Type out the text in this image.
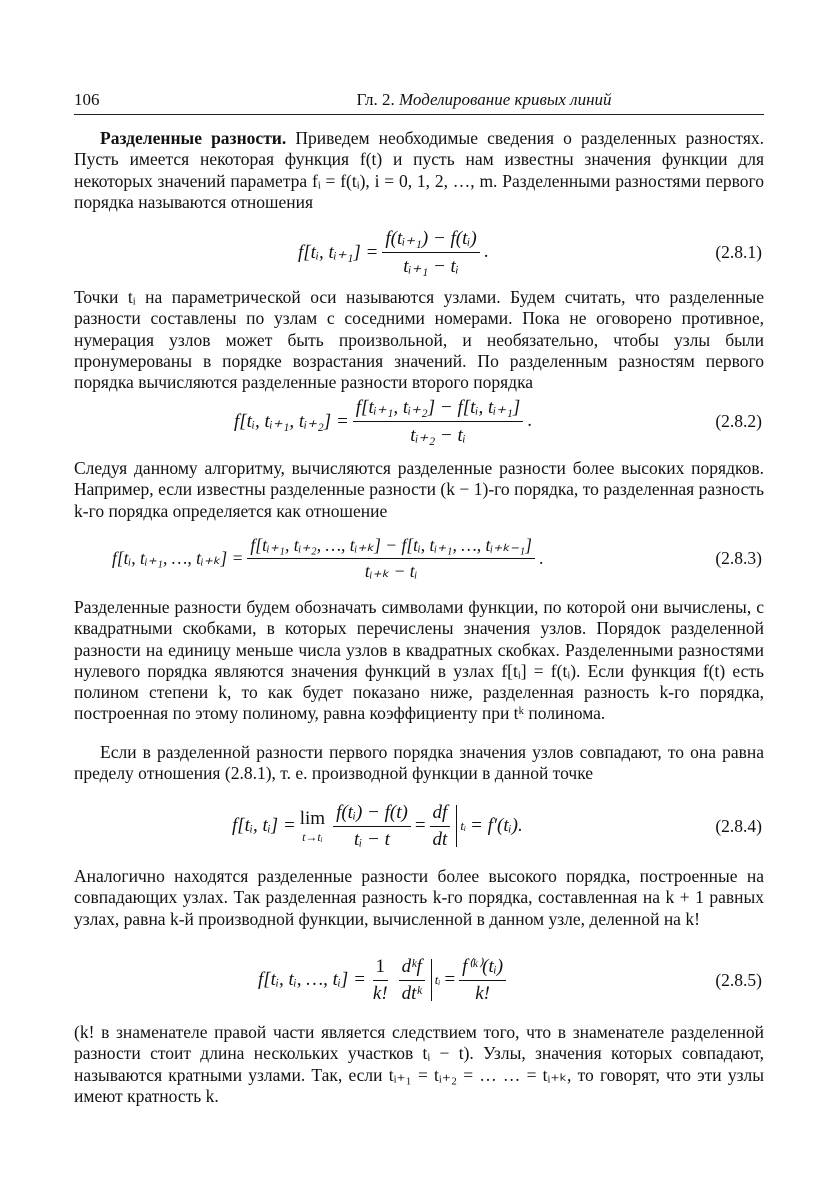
106	Гл. 2. Моделирование кривых линий
Разделенные разности. Приведем необходимые сведения о разделенных разностях. Пусть имеется некоторая функция f(t) и пусть нам известны значения функции для некоторых значений параметра fᵢ = f(tᵢ), i = 0, 1, 2, …, m. Разделенными разностями первого порядка называются отношения
f[tᵢ, tᵢ₊₁] = $\frac{\text{f(tᵢ₊₁) − f(tᵢ)}}{\text{tᵢ₊₁ − tᵢ}}$ .	(2.8.1)
Точки tᵢ на параметрической оси называются узлами. Будем считать, что разделенные разности составлены по узлам с соседними номерами. Пока не оговорено противное, нумерация узлов может быть произвольной, и необязательно, чтобы узлы были пронумерованы в порядке возрастания значений. По разделенным разностям первого порядка вычисляются разделенные разности второго порядка
f[tᵢ, tᵢ₊₁, tᵢ₊₂] = $\frac{\text{f[tᵢ₊₁, tᵢ₊₂] − f[tᵢ, tᵢ₊₁]}}{\text{tᵢ₊₂ − tᵢ}}$ .	(2.8.2)
Следуя данному алгоритму, вычисляются разделенные разности более высоких порядков. Например, если известны разделенные разности (k − 1)-го порядка, то разделенная разность k-го порядка определяется как отношение
f[tᵢ, tᵢ₊₁, …, tᵢ₊ₖ] = $\frac{\text{f[tᵢ₊₁, tᵢ₊₂, …, tᵢ₊ₖ] − f[tᵢ, tᵢ₊₁, …, tᵢ₊ₖ₋₁]}}{\text{tᵢ₊ₖ − tᵢ}}$ .	(2.8.3)
Разделенные разности будем обозначать символами функции, по которой они вычислены, с квадратными скобками, в которых перечислены значения узлов. Порядок разделенной разности на единицу меньше числа узлов в квадратных скобках. Разделенными разностями нулевого порядка являются значения функций в узлах f[tᵢ] = f(tᵢ). Если функция f(t) есть полином степени k, то как будет показано ниже, разделенная разность k-го порядка, построенная по этому полиному, равна коэффициенту при tᵏ полинома.
Если в разделенной разности первого порядка значения узлов совпадают, то она равна пределу отношения (2.8.1), т. е. производной функции в данной точке
f[tᵢ, tᵢ] = lim
t→tᵢ $\frac{\text{f(tᵢ) − f(t)}}{\text{tᵢ − t}} = \frac{df}{dt}$ tᵢ = f′(tᵢ).	(2.8.4)
Аналогично находятся разделенные разности более высокого порядка, построенные на совпадающих узлах. Так разделенная разность k-го порядка, составленная на k + 1 равных узлах, равна k-й производной функции, вычисленной в данном узле, деленной на k!
f[tᵢ, tᵢ, …, tᵢ] = $\frac{1}{k!} \frac{\text{dᵏf}}{\text{dtᵏ}}$ tᵢ = $\frac{\text{f⁽ᵏ⁾(tᵢ)}}{k!}$	(2.8.5)
(k! в знаменателе правой части является следствием того, что в знаменателе разделенной разности стоит длина нескольких участков tᵢ − t). Узлы, значения которых совпадают, называются кратными узлами. Так, если tᵢ₊₁ = tᵢ₊₂ = … … = tᵢ₊ₖ, то говорят, что эти узлы имеют кратность k.
